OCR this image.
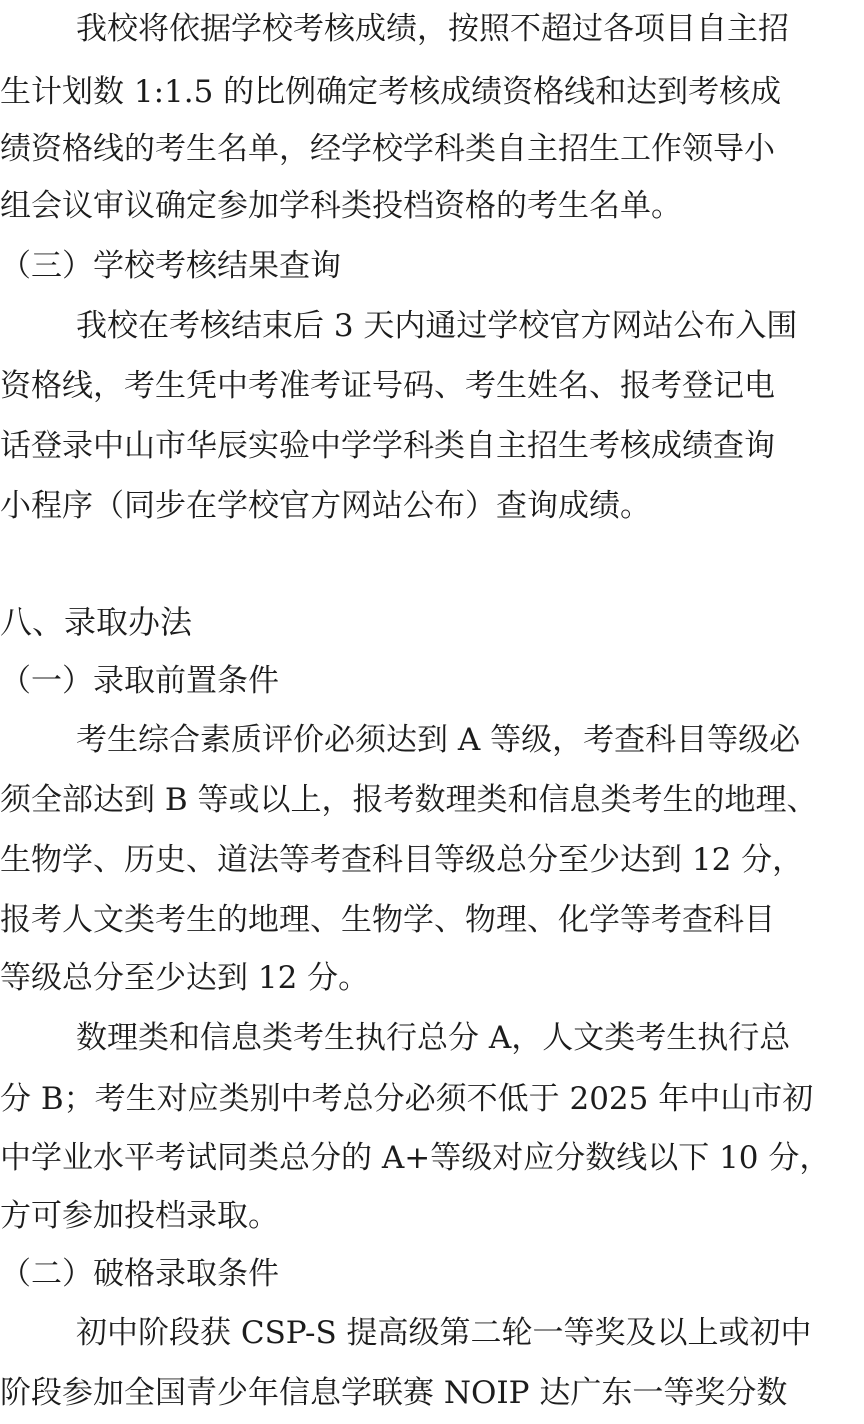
我校将依据学校考核成绩，按照不超过各项目自主招
生计划数 1:1.5 的比例确定考核成绩资格线和达到考核成
绩资格线的考生名单，经学校学科类自主招生工作领导小
组会议审议确定参加学科类投档资格的考生名单。
（三）学校考核结果查询
我校在考核结束后 3 天内通过学校官方网站公布入围
资格线，考生凭中考准考证号码、考生姓名、报考登记电
话登录中山市华辰实验中学学科类自主招生考核成绩查询
小程序（同步在学校官方网站公布）查询成绩。
八、录取办法
（一）录取前置条件
考生综合素质评价必须达到 A 等级，考查科目等级必
须全部达到 B 等或以上，报考数理类和信息类考生的地理、
生物学、历史、道法等考查科目等级总分至少达到 12 分，
报考人文类考生的地理、生物学、物理、化学等考查科目
等级总分至少达到 12 分。
数理类和信息类考生执行总分 A，人文类考生执行总
分 B；考生对应类别中考总分必须不低于 2025 年中山市初
中学业水平考试同类总分的 A+等级对应分数线以下 10 分，
方可参加投档录取。
（二）破格录取条件
初中阶段获 CSP-S 提高级第二轮一等奖及以上或初中
阶段参加全国青少年信息学联赛 NOIP 达广东一等奖分数
